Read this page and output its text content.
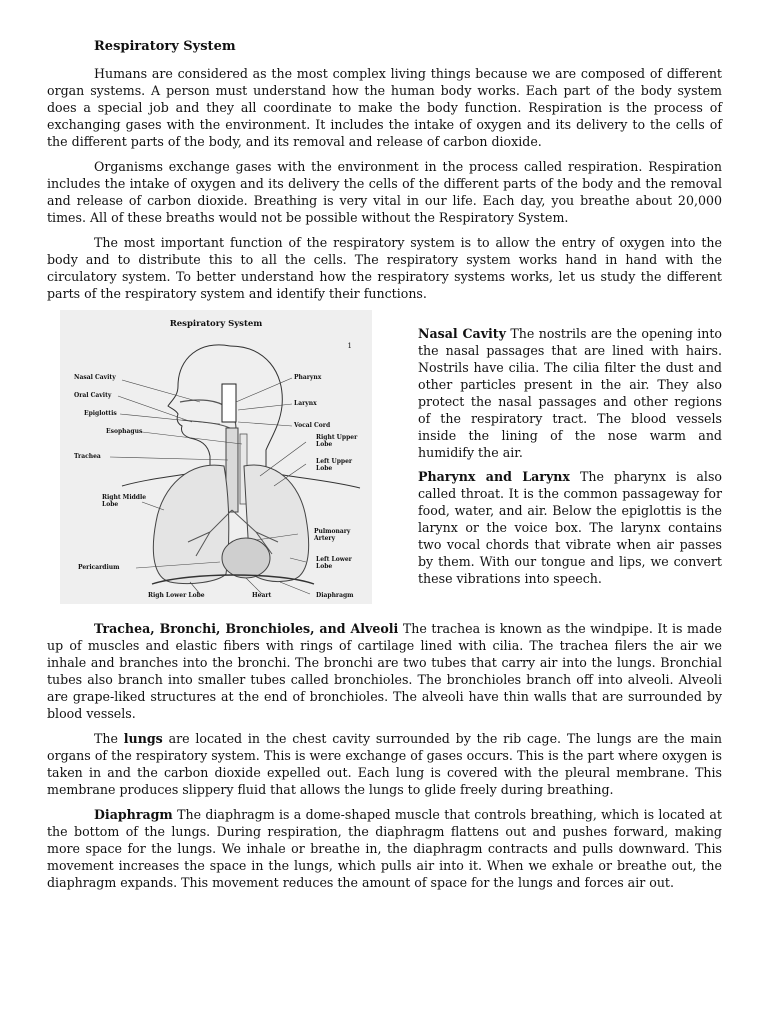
Respiratory System

Humans are considered as the most complex living things because we are composed of different organ systems. A person must understand how the human body works. Each part of the body system does a special job and they all coordinate to make the body function. Respiration is the process of exchanging gases with the environment. It includes the intake of oxygen and its delivery to the cells of the different parts of the body, and its removal and release of carbon dioxide.

Organisms exchange gases with the environment in the process called respiration. Respiration includes the intake of oxygen and its delivery the cells of the different parts of the body and the removal and release of carbon dioxide. Breathing is very vital in our life. Each day, you breathe about 20,000 times. All of these breaths would not be possible without the Respiratory System.

The most important function of the respiratory system is to allow the entry of oxygen into the body and to distribute this to all the cells. The respiratory system works hand in hand with the circulatory system. To better understand how the respiratory systems works, let us study the different parts of the respiratory system and identify their functions.

Respiratory System
1
Nasal Cavity
Oral Cavity
Epiglottis
Esophagus
Trachea
Right Middle
Lobe
Pericardium
Righ Lower Lobe	Heart	Diaphragm
Pharynx
Larynx
Vocal Cord
Right Upper
Lobe
Left Upper
Lobe
Pulmonary
Artery
Left Lower
Lobe

Nasal Cavity The nostrils are the opening into the nasal passages that are lined with hairs. Nostrils have cilia. The cilia filter the dust and other particles present in the air. They also protect the nasal passages and other regions of the respiratory tract. The blood vessels inside the lining of the nose warm and humidify the air.

Pharynx and Larynx The pharynx is also called throat. It is the common passageway for food, water, and air. Below the epiglottis is the larynx or the voice box. The larynx contains two vocal chords that vibrate when air passes by them. With our tongue and lips, we convert these vibrations into speech.

Trachea, Bronchi, Bronchioles, and Alveoli The trachea is known as the windpipe. It is made up of muscles and elastic fibers with rings of cartilage lined with cilia. The trachea filers the air we inhale and branches into the bronchi. The bronchi are two tubes that carry air into the lungs. Bronchial tubes also branch into smaller tubes called bronchioles. The bronchioles branch off into alveoli. Alveoli are grape-liked structures at the end of bronchioles. The alveoli have thin walls that are surrounded by blood vessels.

The lungs are located in the chest cavity surrounded by the rib cage. The lungs are the main organs of the respiratory system. This is were exchange of gases occurs. This is the part where oxygen is taken in and the carbon dioxide expelled out. Each lung is covered with the pleural membrane. This membrane produces slippery fluid that allows the lungs to glide freely during breathing.

Diaphragm The diaphragm is a dome-shaped muscle that controls breathing, which is located at the bottom of the lungs. During respiration, the diaphragm flattens out and pushes forward, making more space for the lungs. We inhale or breathe in, the diaphragm contracts and pulls downward. This movement increases the space in the lungs, which pulls air into it. When we exhale or breathe out, the diaphragm expands. This movement reduces the amount of space for the lungs and forces air out.
